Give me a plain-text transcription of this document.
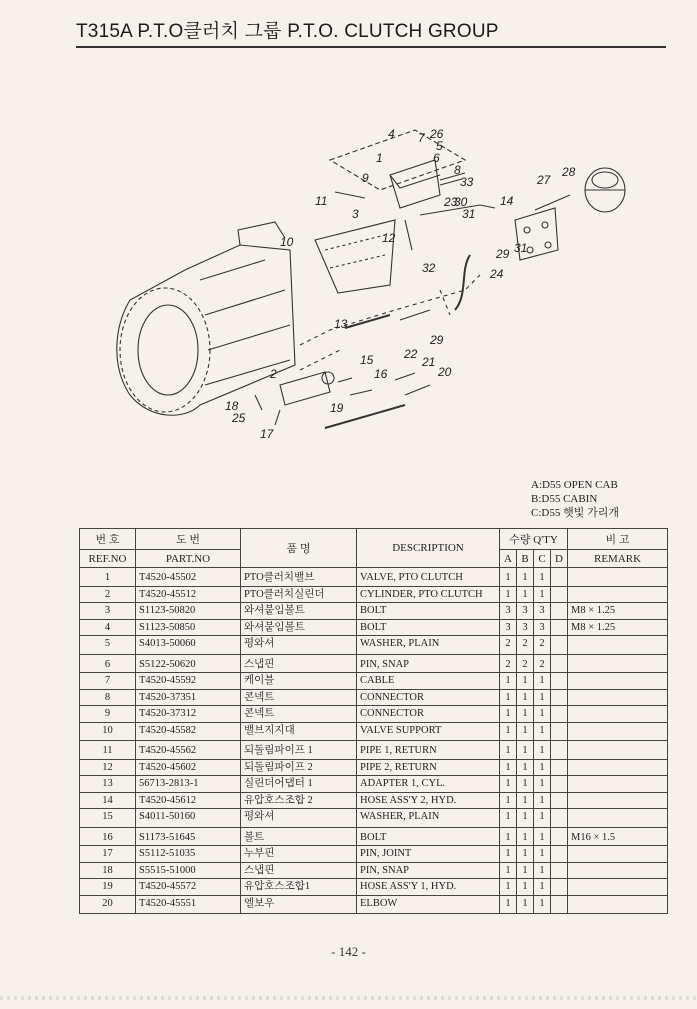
T315A P.T.O클러치 그룹 P.T.O. CLUTCH GROUP
1
2
3
4
5
6
7
8
9
10
11
12
13
14
15
16
17
18	19
20
21
22
23
24
25
26
27
28
29
29
30
31
31
32
33
A:D55 OPEN CAB
B:D55 CABIN
C:D55 햇빛 가리개
번 호	도 번	품 명	DESCRIPTION	수량 Q'TY				비 고
REF.NO	PART.NO			A	B	C	D	REMARK
1	T4520-45502	PTO클러치밸브	VALVE, PTO CLUTCH	1	1	1		
2	T4520-45512	PTO클러치실린더	CYLINDER, PTO CLUTCH	1	1	1		
3	S1123-50820	와셔붙임볼트	BOLT	3	3	3		M8 × 1.25
4	S1123-50850	와셔붙임볼트	BOLT	3	3	3		M8 × 1.25
5	S4013-50060	평와셔	WASHER, PLAIN	2	2	2		
6	S5122-50620	스냅핀	PIN, SNAP	2	2	2		
7	T4520-45592	케이블	CABLE	1	1	1		
8	T4520-37351	콘넥트	CONNECTOR	1	1	1		
9	T4520-37312	콘넥트	CONNECTOR	1	1	1		
10	T4520-45582	밸브지지대	VALVE SUPPORT	1	1	1		
11	T4520-45562	되돌림파이프 1	PIPE 1, RETURN	1	1	1		
12	T4520-45602	되돌림파이프 2	PIPE 2, RETURN	1	1	1		
13	56713-2813-1	실린더어댑터 1	ADAPTER 1, CYL.	1	1	1		
14	T4520-45612	유압호스조합 2	HOSE ASS'Y 2, HYD.	1	1	1		
15	S4011-50160	평와셔	WASHER, PLAIN	1	1	1		
16	S1173-51645	볼트	BOLT	1	1	1		M16 × 1.5
17	S5112-51035	누부핀	PIN, JOINT	1	1	1		
18	S5515-51000	스냅핀	PIN, SNAP	1	1	1		
19	T4520-45572	유압호스조합1	HOSE ASS'Y 1, HYD.	1	1	1		
20	T4520-45551	엘보우	ELBOW	1	1	1		
- 142 -
